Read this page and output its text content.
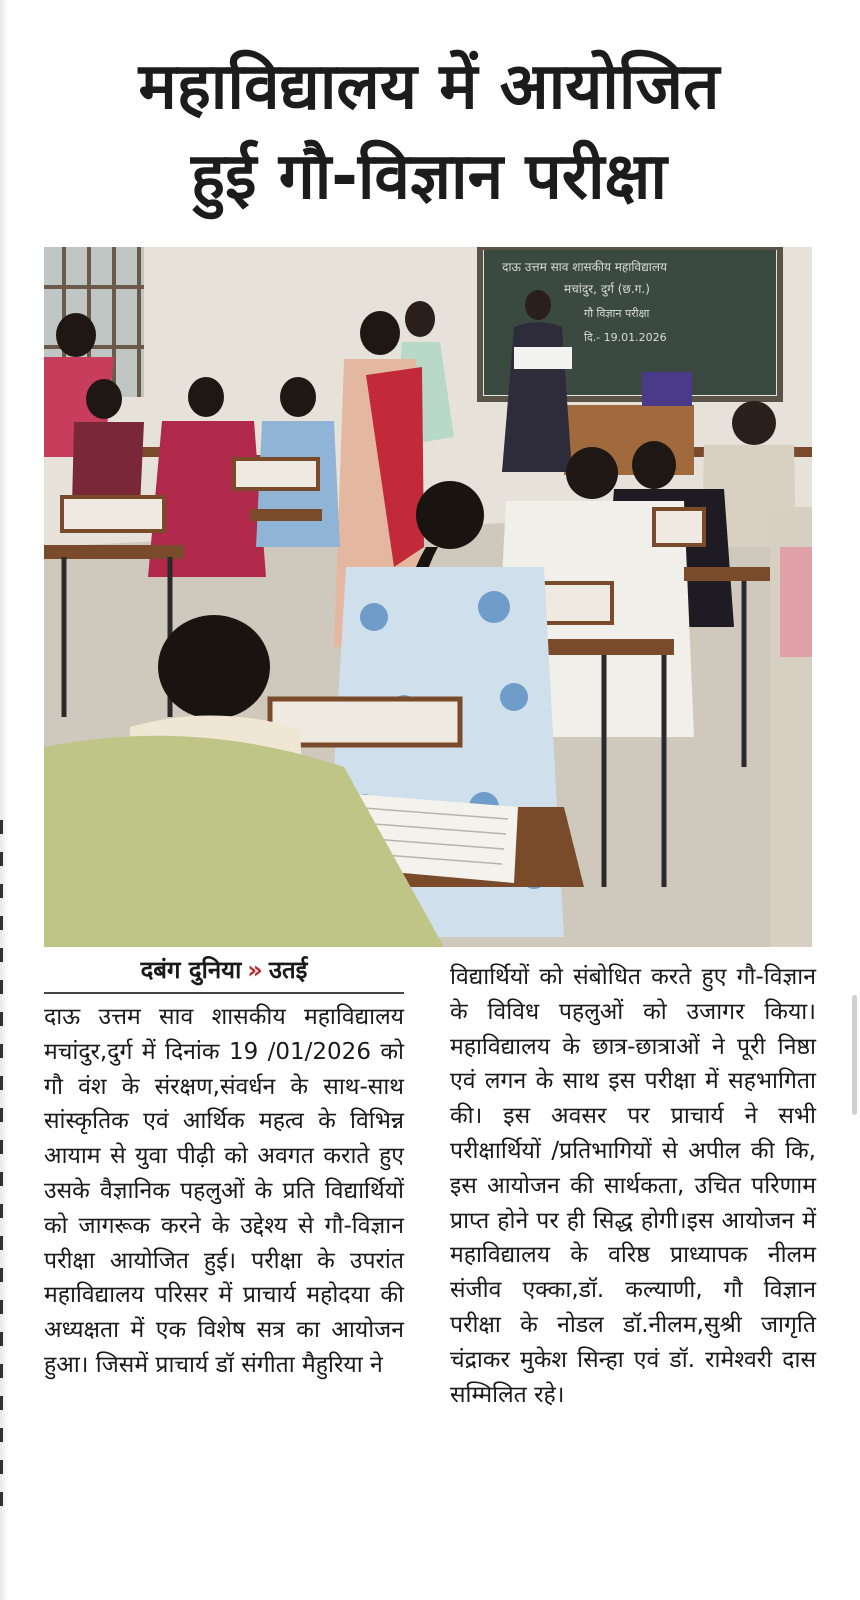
महाविद्यालय में आयोजित
हुई गौ-विज्ञान परीक्षा
दाऊ उत्तम साव शासकीय महाविद्यालय
मचांदुर, दुर्ग (छ.ग.)
गौ विज्ञान परीक्षा
दि.- 19.01.2026
दबंग दुनिया » उतई

दाऊ उत्तम साव शासकीय महाविद्यालय मचांदुर,दुर्ग में दिनांक 19 /01/2026 को गौ वंश के संरक्षण,संवर्धन के साथ-साथ सांस्कृतिक एवं आर्थिक महत्व के विभिन्न आयाम से युवा पीढ़ी को अवगत कराते हुए उसके वैज्ञानिक पहलुओं के प्रति विद्यार्थियों को जागरूक करने के उद्देश्य से गौ-विज्ञान परीक्षा आयोजित हुई। परीक्षा के उपरांत महाविद्यालय परिसर में प्राचार्य महोदया की अध्यक्षता में एक विशेष सत्र का आयोजन हुआ। जिसमें प्राचार्य डॉ संगीता मैहुरिया ने

विद्यार्थियों को संबोधित करते हुए गौ-विज्ञान के विविध पहलुओं को उजागर किया। महाविद्यालय के छात्र-छात्राओं ने पूरी निष्ठा एवं लगन के साथ इस परीक्षा में सहभागिता की। इस अवसर पर प्राचार्य ने सभी परीक्षार्थियों /प्रतिभागियों से अपील की कि, इस आयोजन की सार्थकता, उचित परिणाम प्राप्त होने पर ही सिद्ध होगी।इस आयोजन में महाविद्यालय के वरिष्ठ प्राध्यापक नीलम संजीव एक्का,डॉ. कल्याणी, गौ विज्ञान परीक्षा के नोडल डॉ.नीलम,सुश्री जागृति चंद्राकर मुकेश सिन्हा एवं डॉ. रामेश्वरी दास सम्मिलित रहे।
